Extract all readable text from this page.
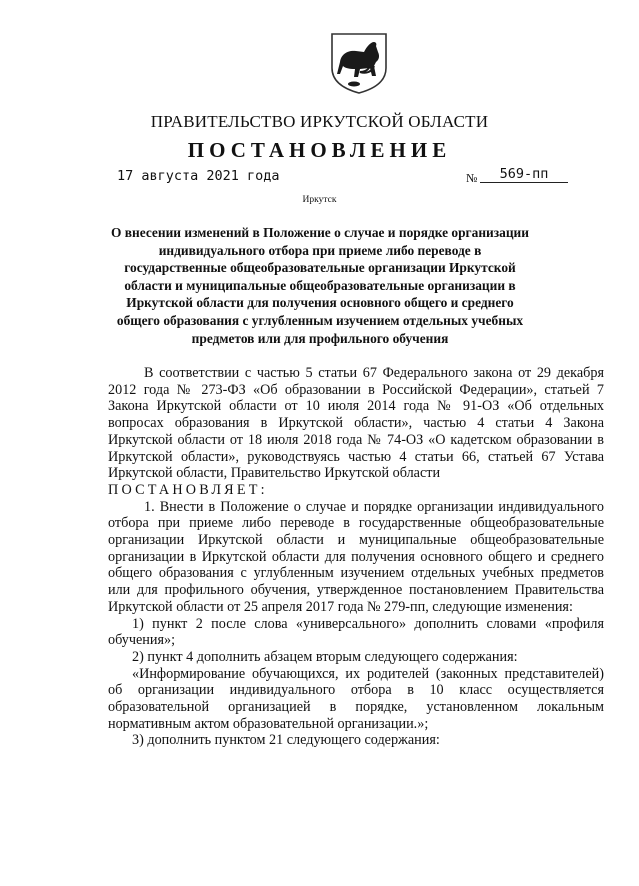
ПРАВИТЕЛЬСТВО ИРКУТСКОЙ ОБЛАСТИ
ПОСТАНОВЛЕНИЕ
17 августа 2021 года	№	569-пп
Иркутск
О внесении изменений в Положение о случае и порядке организации индивидуального отбора при приеме либо переводе в государственные общеобразовательные организации Иркутской области и муниципальные общеобразовательные организации в Иркутской области для получения основного общего и среднего общего образования с углубленным изучением отдельных учебных предметов или для профильного обучения

В соответствии с частью 5 статьи 67 Федерального закона от 29 декабря 2012 года № 273-ФЗ «Об образовании в Российской Федерации», статьей 7 Закона Иркутской области от 10 июля 2014 года № 91-ОЗ «Об отдельных вопросах образования в Иркутской области», частью 4 статьи 4 Закона Иркутской области от 18 июля 2018 года № 74-ОЗ «О кадетском образовании в Иркутской области», руководствуясь частью 4 статьи 66, статьей 67 Устава Иркутской области, Правительство Иркутской области

ПОСТАНОВЛЯЕТ:

1. Внести в Положение о случае и порядке организации индивидуального отбора при приеме либо переводе в государственные общеобразовательные организации Иркутской области и муниципальные общеобразовательные организации в Иркутской области для получения основного общего и среднего общего образования с углубленным изучением отдельных учебных предметов или для профильного обучения, утвержденное постановлением Правительства Иркутской области от 25 апреля 2017 года № 279-пп, следующие изменения:

1) пункт 2 после слова «универсального» дополнить словами «профиля обучения»;

2) пункт 4 дополнить абзацем вторым следующего содержания:

«Информирование обучающихся, их родителей (законных представителей) об организации индивидуального отбора в 10 класс осуществляется образовательной организацией в порядке, установленном локальным нормативным актом образовательной организации.»;

3) дополнить пунктом 21 следующего содержания:
